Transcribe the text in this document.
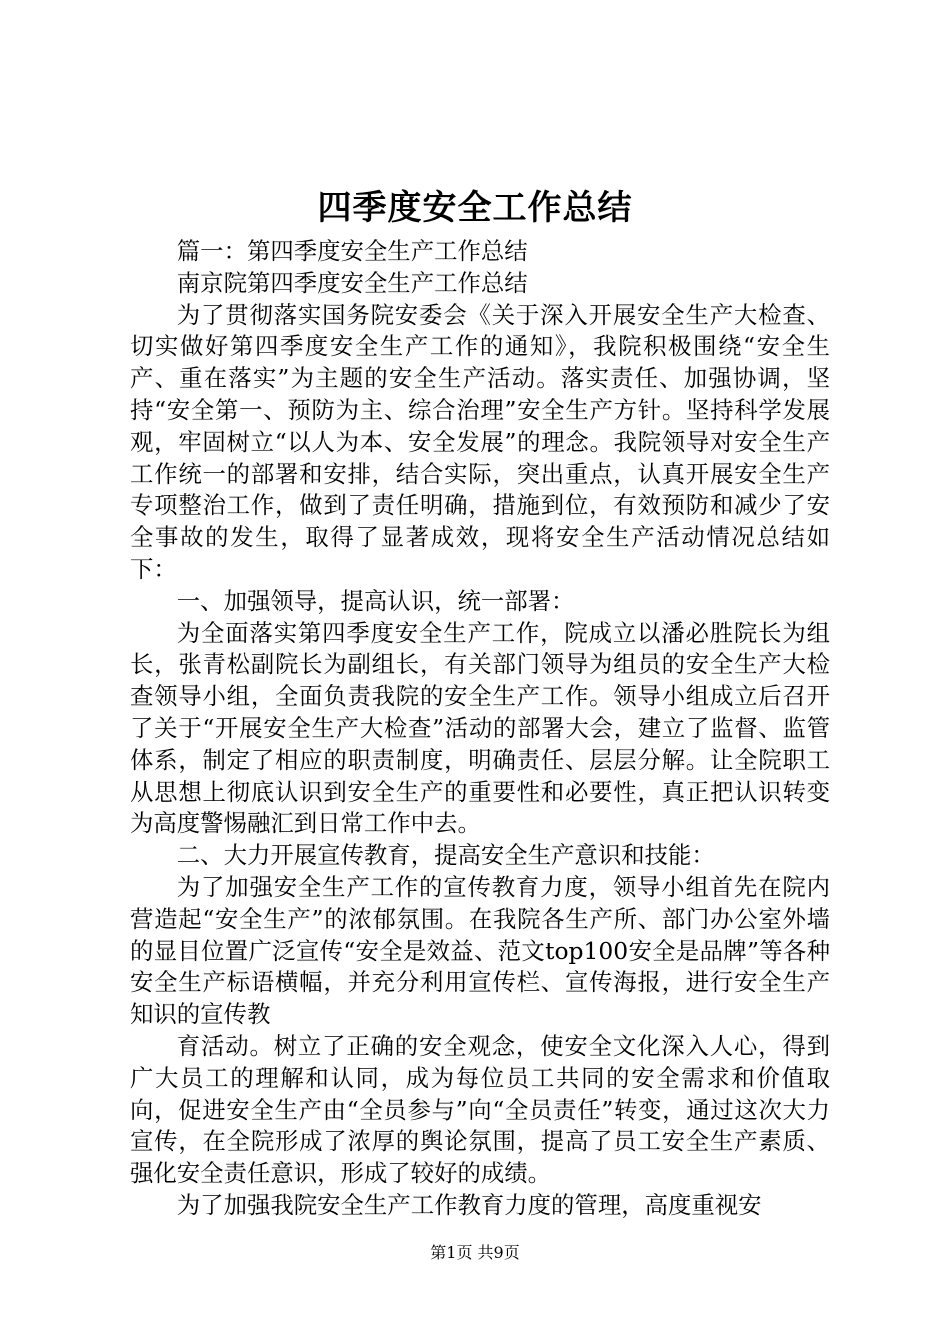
四季度安全工作总结

篇一：第四季度安全生产工作总结

南京院第四季度安全生产工作总结

为了贯彻落实国务院安委会《关于深入开展安全生产大检查、切实做好第四季度安全生产工作的通知》，我院积极围绕“安全生产、重在落实”为主题的安全生产活动。落实责任、加强协调，坚持“安全第一、预防为主、综合治理”安全生产方针。坚持科学发展观，牢固树立“以人为本、安全发展”的理念。我院领导对安全生产工作统一的部署和安排，结合实际，突出重点，认真开展安全生产专项整治工作，做到了责任明确，措施到位，有效预防和减少了安全事故的发生，取得了显著成效，现将安全生产活动情况总结如下：

一、加强领导，提高认识，统一部署：

为全面落实第四季度安全生产工作，院成立以潘必胜院长为组长，张青松副院长为副组长，有关部门领导为组员的安全生产大检查领导小组，全面负责我院的安全生产工作。领导小组成立后召开了关于“开展安全生产大检查”活动的部署大会，建立了监督、监管体系，制定了相应的职责制度，明确责任、层层分解。让全院职工从思想上彻底认识到安全生产的重要性和必要性，真正把认识转变为高度警惕融汇到日常工作中去。

二、大力开展宣传教育，提高安全生产意识和技能：

为了加强安全生产工作的宣传教育力度，领导小组首先在院内营造起“安全生产”的浓郁氛围。在我院各生产所、部门办公室外墙的显目位置广泛宣传“安全是效益、范文top100安全是品牌”等各种安全生产标语横幅，并充分利用宣传栏、宣传海报，进行安全生产知识的宣传教

育活动。树立了正确的安全观念，使安全文化深入人心，得到广大员工的理解和认同，成为每位员工共同的安全需求和价值取向，促进安全生产由“全员参与”向“全员责任”转变，通过这次大力宣传，在全院形成了浓厚的舆论氛围，提高了员工安全生产素质、强化安全责任意识，形成了较好的成绩。

为了加强我院安全生产工作教育力度的管理，高度重视安

第1页 共9页
